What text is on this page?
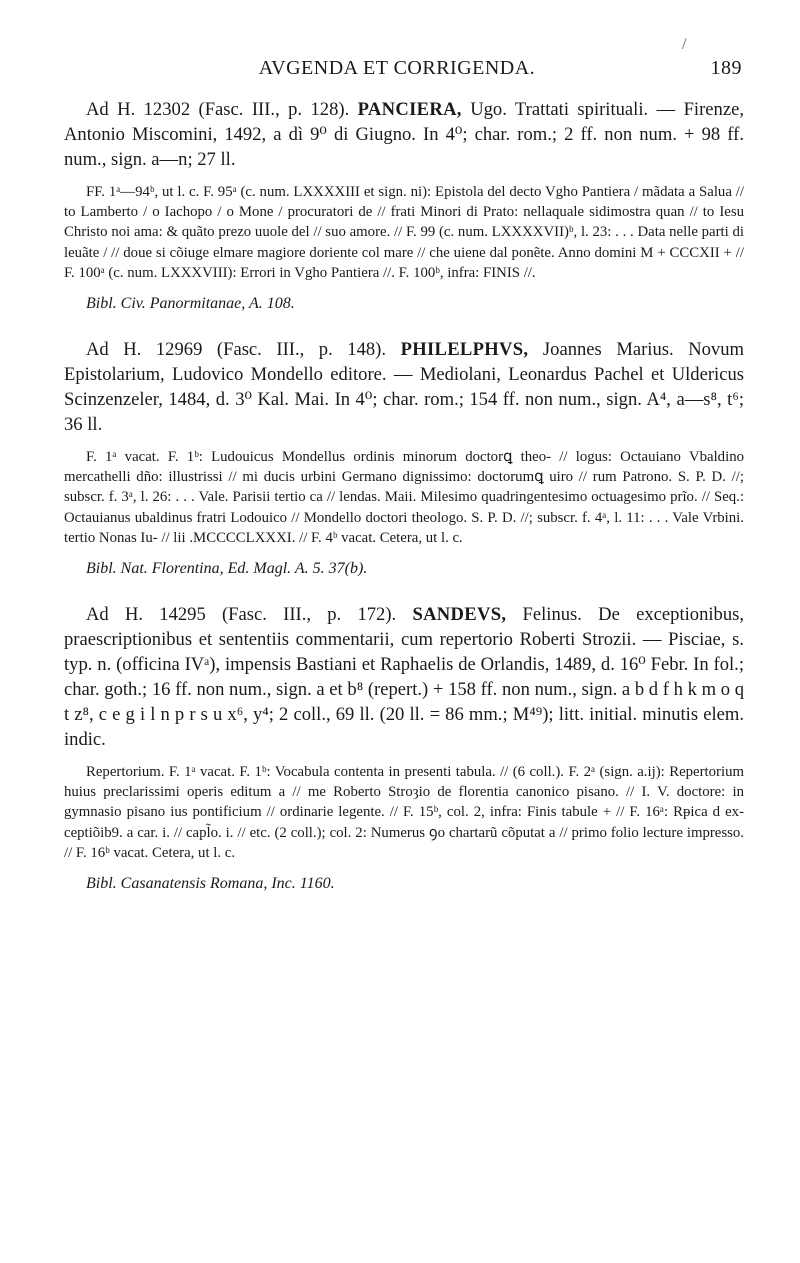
/
AVGENDA ET CORRIGENDA.	189

Ad H. 12302 (Fasc. III., p. 128). PANCIERA, Ugo. Trattati spirituali. — Firenze, Antonio Miscomini, 1492, a dì 9⁰ di Giugno. In 4⁰; char. rom.; 2 ff. non num. + 98 ff. num., sign. a—n; 27 ll.

FF. 1ᵃ—94ᵇ, ut l. c. F. 95ᵃ (c. num. LXXXXIII et sign. ni): Epistola del decto Vgho Pantiera / mãdata a Salua // to Lamberto / o Iachopo / o Mone / procuratori de // frati Minori di Prato: nellaquale sidimostra quan // to Iesu Christo noi ama: & quãto prezo uuole del // suo amore. // F. 99 (c. num. LXXXXVII)ᵇ, l. 23: . . . Data nelle parti di leuãte / // doue si cõiuge elmare magiore doriente col mare // che uiene dal ponẽte. Anno domini M + CCCXII + // F. 100ᵃ (c. num. LXXXVIII): Errori in Vgho Pantiera //. F. 100ᵇ, infra: FINIS //.

Bibl. Civ. Panormitanae, A. 108.

Ad H. 12969 (Fasc. III., p. 148). PHILELPHVS, Joannes Marius. Novum Epistolarium, Ludovico Mondello editore. — Mediolani, Leonardus Pachel et Uldericus Scinzenzeler, 1484, d. 3⁰ Kal. Mai. In 4⁰; char. rom.; 154 ff. non num., sign. A⁴, a—s⁸, t⁶; 36 ll.

F. 1ᵃ vacat. F. 1ᵇ: Ludouicus Mondellus ordinis minorum doctorꝗ theo- // logus: Octauiano Vbaldino mercathelli dño: illustrissi // mi ducis urbini Germano dignissimo: doctorumꝗ uiro // rum Patrono. S. P. D. //; subscr. f. 3ᵃ, l. 26: . . . Vale. Parisii tertio ca // lendas. Maii. Milesimo quadringentesimo octuagesimo prĩo. // Seq.: Octauianus ubaldinus fratri Lodouico // Mondello doctori theologo. S. P. D. //; subscr. f. 4ᵃ, l. 11: . . . Vale Vrbini. tertio Nonas Iu- // lii .MCCCCLXXXI. // F. 4ᵇ vacat. Cetera, ut l. c.

Bibl. Nat. Florentina, Ed. Magl. A. 5. 37(b).

Ad H. 14295 (Fasc. III., p. 172). SANDEVS, Felinus. De exceptionibus, praescriptionibus et sententiis commentarii, cum repertorio Roberti Strozii. — Pisciae, s. typ. n. (officina IVᵃ), impensis Bastiani et Raphaelis de Orlandis, 1489, d. 16⁰ Febr. In fol.; char. goth.; 16 ff. non num., sign. a et b⁸ (repert.) + 158 ff. non num., sign. a b d f h k m o q t z⁸, c e g i l n p r s u x⁶, y⁴; 2 coll., 69 ll. (20 ll. = 86 mm.; M⁴⁹); litt. initial. minutis elem. indic.

Repertorium. F. 1ᵃ vacat. F. 1ᵇ: Vocabula contenta in presenti tabula. // (6 coll.). F. 2ᵃ (sign. a.ij): Repertorium huius preclarissimi operis editum a // me Roberto Stroȝio de florentia canonico pisano. // I. V. doctore: in gymnasio pisano ius pontificium // ordinarie legente. // F. 15ᵇ, col. 2, infra: Finis tabule + // F. 16ᵃ: Rᵽica d ex- ceptiõib9. a car. i. // capl̃o. i. // etc. (2 coll.); col. 2: Numerus ꝯo chartarũ cõputat a // primo folio lecture impresso. // F. 16ᵇ vacat. Cetera, ut l. c.

Bibl. Casanatensis Romana, Inc. 1160.
